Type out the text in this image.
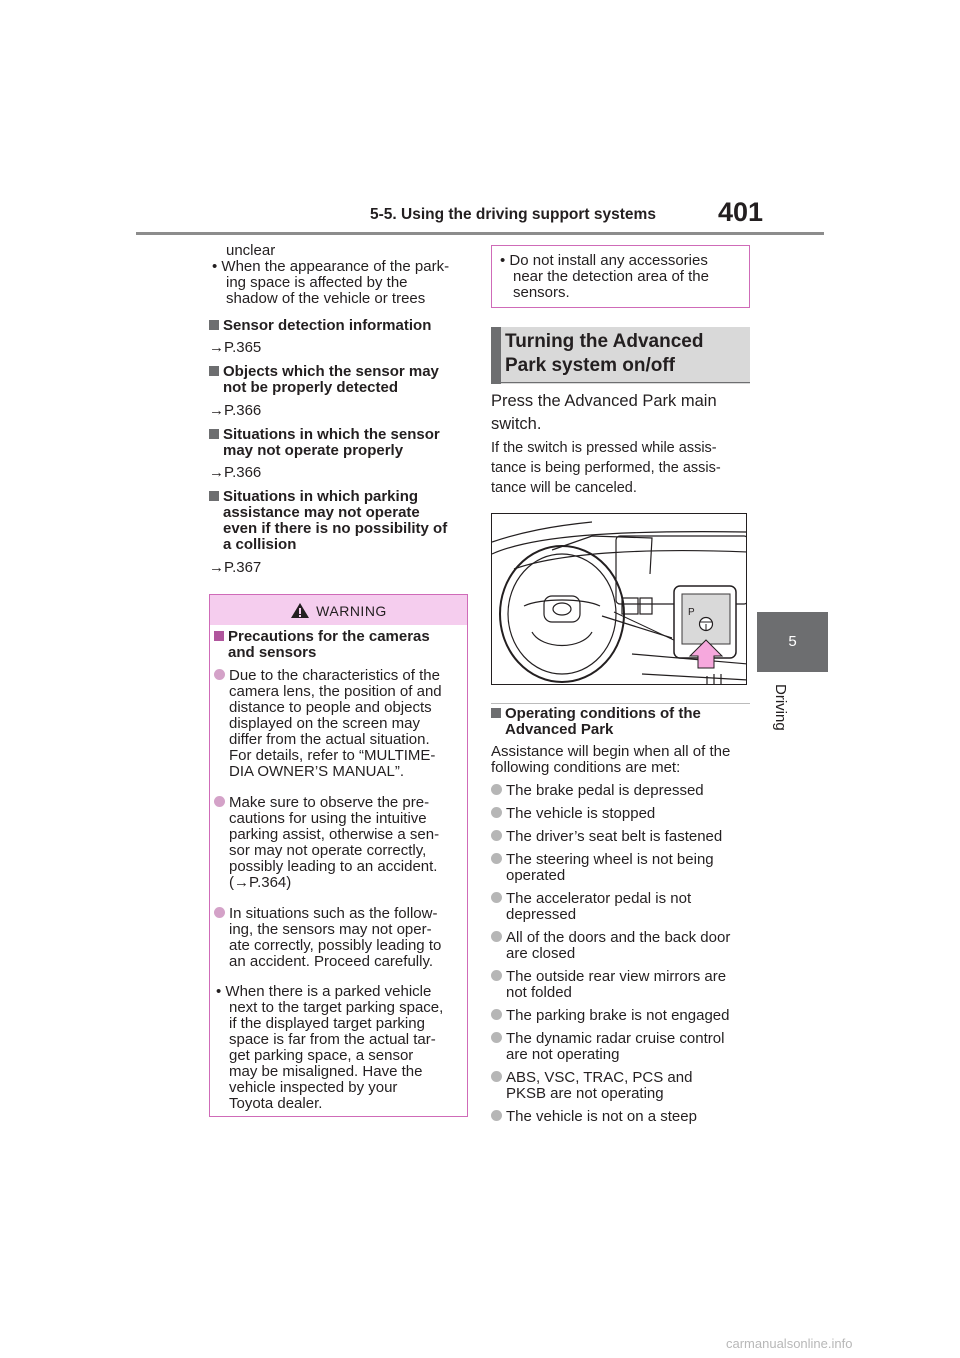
5-5. Using the driving support systems 401
5
Driving
unclear
• When the appearance of the park-
ing space is affected by the
shadow of the vehicle or trees
Sensor detection information
→P.365
Objects which the sensor may
not be properly detected
→P.366
Situations in which the sensor
may not operate properly
→P.366
Situations in which parking
assistance may not operate
even if there is no possibility of
a collision
→P.367
WARNING
Precautions for the cameras
and sensors
Due to the characteristics of the
camera lens, the position of and
distance to people and objects
displayed on the screen may
differ from the actual situation.
For details, refer to “MULTIME-
DIA OWNER’S MANUAL”.
Make sure to observe the pre-
cautions for using the intuitive
parking assist, otherwise a sen-
sor may not operate correctly,
possibly leading to an accident.
(→P.364)
In situations such as the follow-
ing, the sensors may not oper-
ate correctly, possibly leading to
an accident. Proceed carefully.
• When there is a parked vehicle
next to the target parking space,
if the displayed target parking
space is far from the actual tar-
get parking space, a sensor
may be misaligned. Have the
vehicle inspected by your
Toyota dealer.
• Do not install any accessories
near the detection area of the
sensors.
Turning the Advanced
Park system on/off
Press the Advanced Park main
switch.
If the switch is pressed while assis-
tance is being performed, the assis-
tance will be canceled.
P
Operating conditions of the
Advanced Park
Assistance will begin when all of the
following conditions are met:
The brake pedal is depressed
The vehicle is stopped
The driver’s seat belt is fastened
The steering wheel is not being
operated
The accelerator pedal is not
depressed
All of the doors and the back door
are closed
The outside rear view mirrors are
not folded
The parking brake is not engaged
The dynamic radar cruise control
are not operating
ABS, VSC, TRAC, PCS and
PKSB are not operating
The vehicle is not on a steep
carmanualsonline.info
